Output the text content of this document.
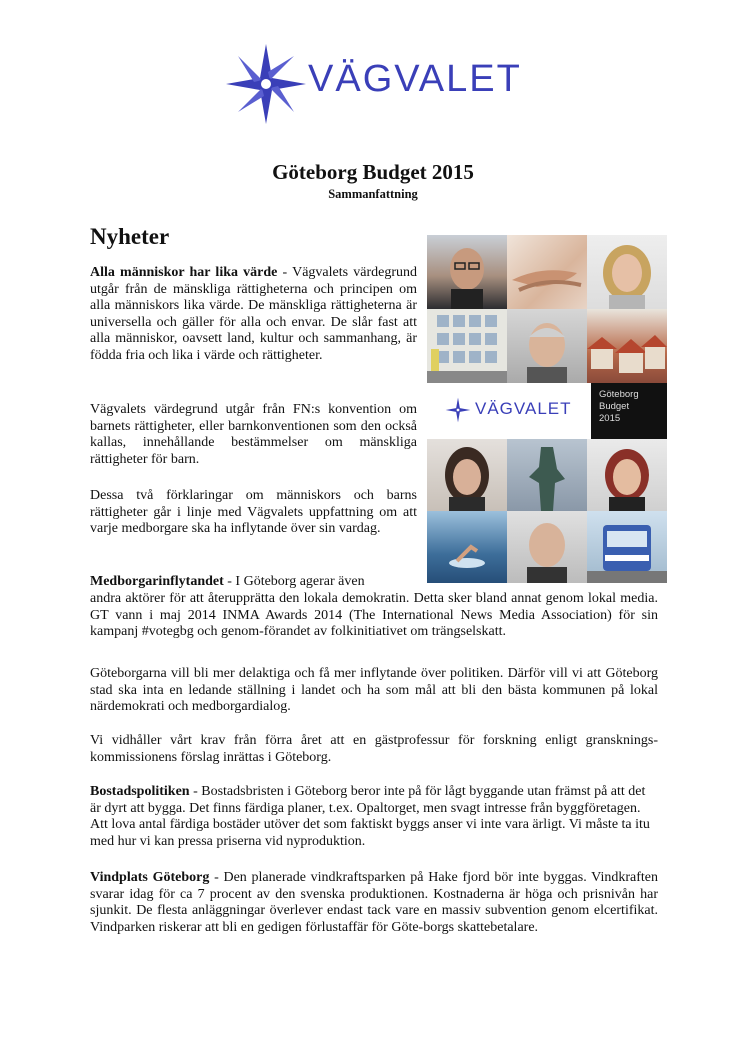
VÄGVALET
Göteborg Budget 2015
Sammanfattning
Nyheter

Alla människor har lika värde - Vägvalets värdegrund utgår från de mänskliga rättigheterna och principen om alla människors lika värde. De mänskliga rättigheterna är universella och gäller för alla och envar. De slår fast att alla människor, oavsett land, kultur och sammanhang, är födda fria och lika i värde och rättigheter.

Vägvalets värdegrund utgår från FN:s konvention om barnets rättigheter, eller barnkonventionen som den också kallas, innehållande bestämmelser om mänskliga rättigheter för barn.

Dessa två förklaringar om människors och barns rättigheter går i linje med Vägvalets uppfattning om att varje medborgare ska ha inflytande över sin vardag.

Medborgarinflytandet - I Göteborg agerar även

andra aktörer för att återupprätta den lokala demokratin. Detta sker bland annat genom lokal media. GT vann i maj 2014 INMA Awards 2014 (The International News Media Association) för sin kampanj #votegbg och genom-förandet av folkinitiativet om trängselskatt.

Göteborgarna vill bli mer delaktiga och få mer inflytande över politiken. Därför vill vi att Göteborg stad ska inta en ledande ställning i landet och ha som mål att bli den bästa kommunen på lokal närdemokrati och medborgardialog.

Vi vidhåller vårt krav från förra året att en gästprofessur för forskning enligt gransknings-kommissionens förslag inrättas i Göteborg.

Bostadspolitiken - Bostadsbristen i Göteborg beror inte på för lågt byggande utan främst på att det är dyrt att bygga. Det finns färdiga planer, t.ex. Opaltorget, men svagt intresse från byggföretagen. Att lova antal färdiga bostäder utöver det som faktiskt byggs anser vi inte vara ärligt. Vi måste ta itu med hur vi kan pressa priserna vid nyproduktion.

Vindplats Göteborg - Den planerade vindkraftsparken på Hake fjord bör inte byggas. Vindkraften svarar idag för ca 7 procent av den svenska produktionen. Kostnaderna är höga och prisnivån har sjunkit. De flesta anläggningar överlever endast tack vare en massiv subvention genom elcertifikat. Vindparken riskerar att bli en gedigen förlustaffär för Göte-borgs skattebetalare.

VÄGVALET
Göteborg
Budget
2015
